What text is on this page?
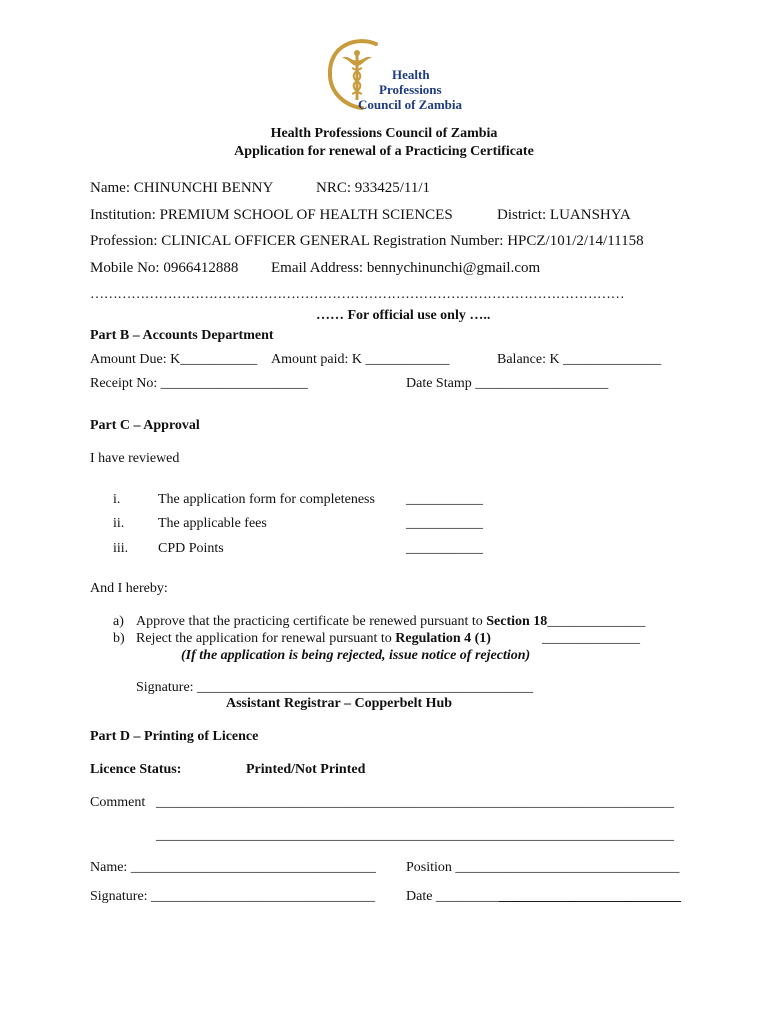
Health
Professions
Council of Zambia
Health Professions Council of Zambia
Application for renewal of a Practicing Certificate
Name: CHINUNCHI BENNY	NRC: 933425/11/1
Institution: PREMIUM SCHOOL OF HEALTH SCIENCES	District: LUANSHYA
Profession: CLINICAL OFFICER GENERAL Registration Number: HPCZ/101/2/14/11158
Mobile No: 0966412888 Email Address: bennychinunchi@gmail.com
………………………………………………………………………………………………………
…… For official use only …..
Part B – Accounts Department
Amount Due: K___________ Amount paid: K ____________	Balance: K ______________
Receipt No: _____________________	Date Stamp ___________________
Part C – Approval
I have reviewed
i.	The application form for completeness ___________
ii. The applicable fees	___________
iii. CPD Points	___________
And I hereby:
a) Approve that the practicing certificate be renewed pursuant to Section 18______________
b) Reject the application for renewal pursuant to Regulation 4 (1)	______________
(If the application is being rejected, issue notice of rejection)
Signature: ________________________________________________
Assistant Registrar – Copperbelt Hub
Part D – Printing of Licence
Licence Status:	Printed/Not Printed
Comment __________________________________________________________________________
__________________________________________________________________________
Name: ___________________________________ Position ________________________________
Signature: ________________________________ Date ___________________________________
